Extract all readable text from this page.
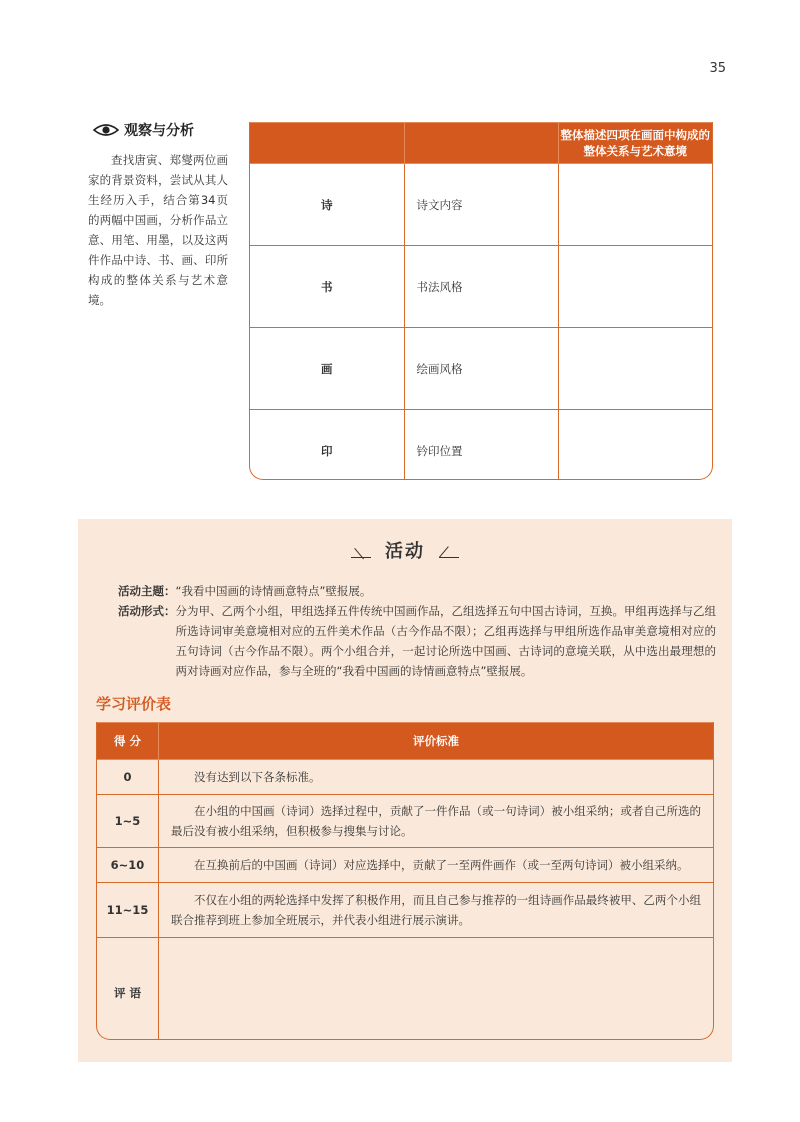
35
观察与分析
查找唐寅、郑燮两位画家的背景资料，尝试从其人生经历入手，结合第34页的两幅中国画，分析作品立意、用笔、用墨，以及这两件作品中诗、书、画、印所构成的整体关系与艺术意境。
		整体描述四项在画面中构成的整体关系与艺术意境
诗	诗文内容	
书	书法风格	
画	绘画风格	
印	钤印位置	
活动
活动主题： “我看中国画的诗情画意特点”壁报展。
活动形式： 分为甲、乙两个小组，甲组选择五件传统中国画作品，乙组选择五句中国古诗词，互换。甲组再选择与乙组所选诗词审美意境相对应的五件美术作品（古今作品不限）；乙组再选择与甲组所选作品审美意境相对应的五句诗词（古今作品不限）。两个小组合并，一起讨论所选中国画、古诗词的意境关联，从中选出最理想的两对诗画对应作品，参与全班的“我看中国画的诗情画意特点”壁报展。
学习评价表
得 分	评价标准
0	没有达到以下各条标准。
1~5	在小组的中国画（诗词）选择过程中，贡献了一件作品（或一句诗词）被小组采纳；或者自己所选的最后没有被小组采纳，但积极参与搜集与讨论。
6~10	在互换前后的中国画（诗词）对应选择中，贡献了一至两件画作（或一至两句诗词）被小组采纳。
11~15	不仅在小组的两轮选择中发挥了积极作用，而且自己参与推荐的一组诗画作品最终被甲、乙两个小组联合推荐到班上参加全班展示，并代表小组进行展示演讲。
评 语	
